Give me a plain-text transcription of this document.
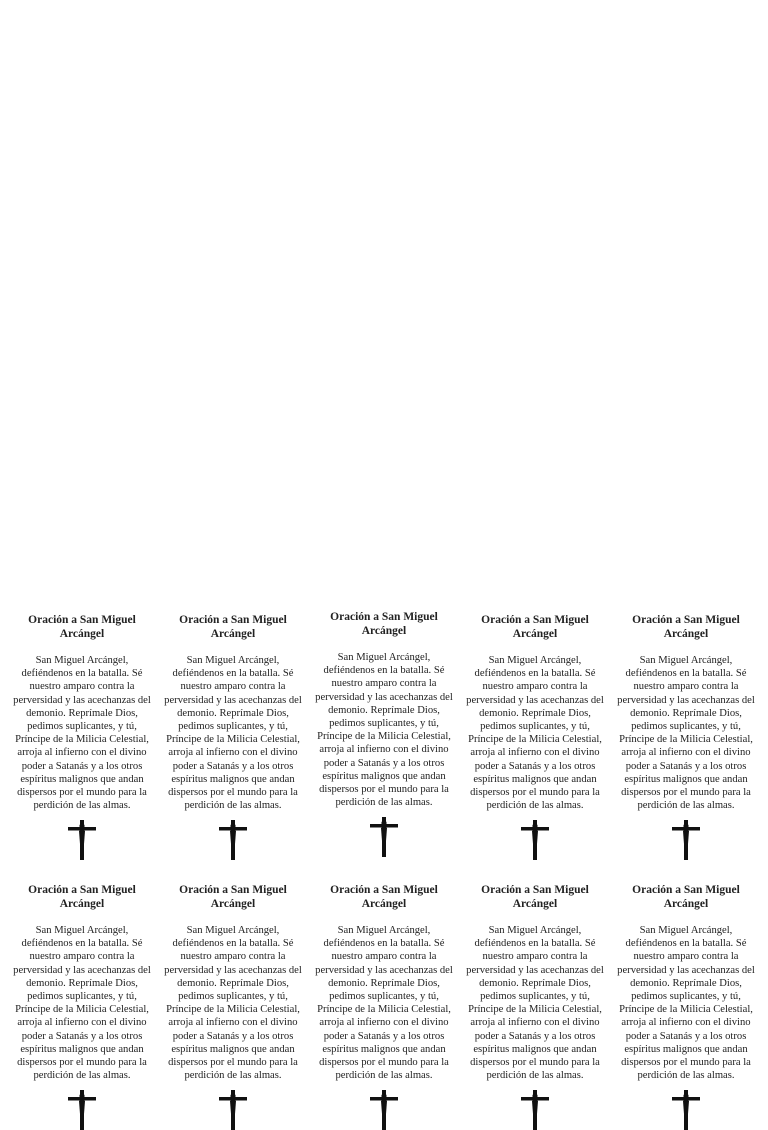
Oración a San Miguel Arcángel

San Miguel Arcángel, defiéndenos en la batalla. Sé nuestro amparo contra la perversidad y las acechanzas del demonio. Reprímale Dios, pedimos suplicantes, y tú, Príncipe de la Milicia Celestial, arroja al infierno con el divino poder a Satanás y a los otros espíritus malignos que andan dispersos por el mundo para la perdición de las almas.

Oración a San Miguel Arcángel

San Miguel Arcángel, defiéndenos en la batalla. Sé nuestro amparo contra la perversidad y las acechanzas del demonio. Reprímale Dios, pedimos suplicantes, y tú, Príncipe de la Milicia Celestial, arroja al infierno con el divino poder a Satanás y a los otros espíritus malignos que andan dispersos por el mundo para la perdición de las almas.

Oración a San Miguel Arcángel

San Miguel Arcángel, defiéndenos en la batalla. Sé nuestro amparo contra la perversidad y las acechanzas del demonio. Reprímale Dios, pedimos suplicantes, y tú, Príncipe de la Milicia Celestial, arroja al infierno con el divino poder a Satanás y a los otros espíritus malignos que andan dispersos por el mundo para la perdición de las almas.

Oración a San Miguel Arcángel

San Miguel Arcángel, defiéndenos en la batalla. Sé nuestro amparo contra la perversidad y las acechanzas del demonio. Reprímale Dios, pedimos suplicantes, y tú, Príncipe de la Milicia Celestial, arroja al infierno con el divino poder a Satanás y a los otros espíritus malignos que andan dispersos por el mundo para la perdición de las almas.

Oración a San Miguel Arcángel

San Miguel Arcángel, defiéndenos en la batalla. Sé nuestro amparo contra la perversidad y las acechanzas del demonio. Reprímale Dios, pedimos suplicantes, y tú, Príncipe de la Milicia Celestial, arroja al infierno con el divino poder a Satanás y a los otros espíritus malignos que andan dispersos por el mundo para la perdición de las almas.

Oración a San Miguel Arcángel

San Miguel Arcángel, defiéndenos en la batalla. Sé nuestro amparo contra la perversidad y las acechanzas del demonio. Reprímale Dios, pedimos suplicantes, y tú, Príncipe de la Milicia Celestial, arroja al infierno con el divino poder a Satanás y a los otros espíritus malignos que andan dispersos por el mundo para la perdición de las almas.

Oración a San Miguel Arcángel

San Miguel Arcángel, defiéndenos en la batalla. Sé nuestro amparo contra la perversidad y las acechanzas del demonio. Reprímale Dios, pedimos suplicantes, y tú, Príncipe de la Milicia Celestial, arroja al infierno con el divino poder a Satanás y a los otros espíritus malignos que andan dispersos por el mundo para la perdición de las almas.

Oración a San Miguel Arcángel

San Miguel Arcángel, defiéndenos en la batalla. Sé nuestro amparo contra la perversidad y las acechanzas del demonio. Reprímale Dios, pedimos suplicantes, y tú, Príncipe de la Milicia Celestial, arroja al infierno con el divino poder a Satanás y a los otros espíritus malignos que andan dispersos por el mundo para la perdición de las almas.

Oración a San Miguel Arcángel

San Miguel Arcángel, defiéndenos en la batalla. Sé nuestro amparo contra la perversidad y las acechanzas del demonio. Reprímale Dios, pedimos suplicantes, y tú, Príncipe de la Milicia Celestial, arroja al infierno con el divino poder a Satanás y a los otros espíritus malignos que andan dispersos por el mundo para la perdición de las almas.

Oración a San Miguel Arcángel

San Miguel Arcángel, defiéndenos en la batalla. Sé nuestro amparo contra la perversidad y las acechanzas del demonio. Reprímale Dios, pedimos suplicantes, y tú, Príncipe de la Milicia Celestial, arroja al infierno con el divino poder a Satanás y a los otros espíritus malignos que andan dispersos por el mundo para la perdición de las almas.
